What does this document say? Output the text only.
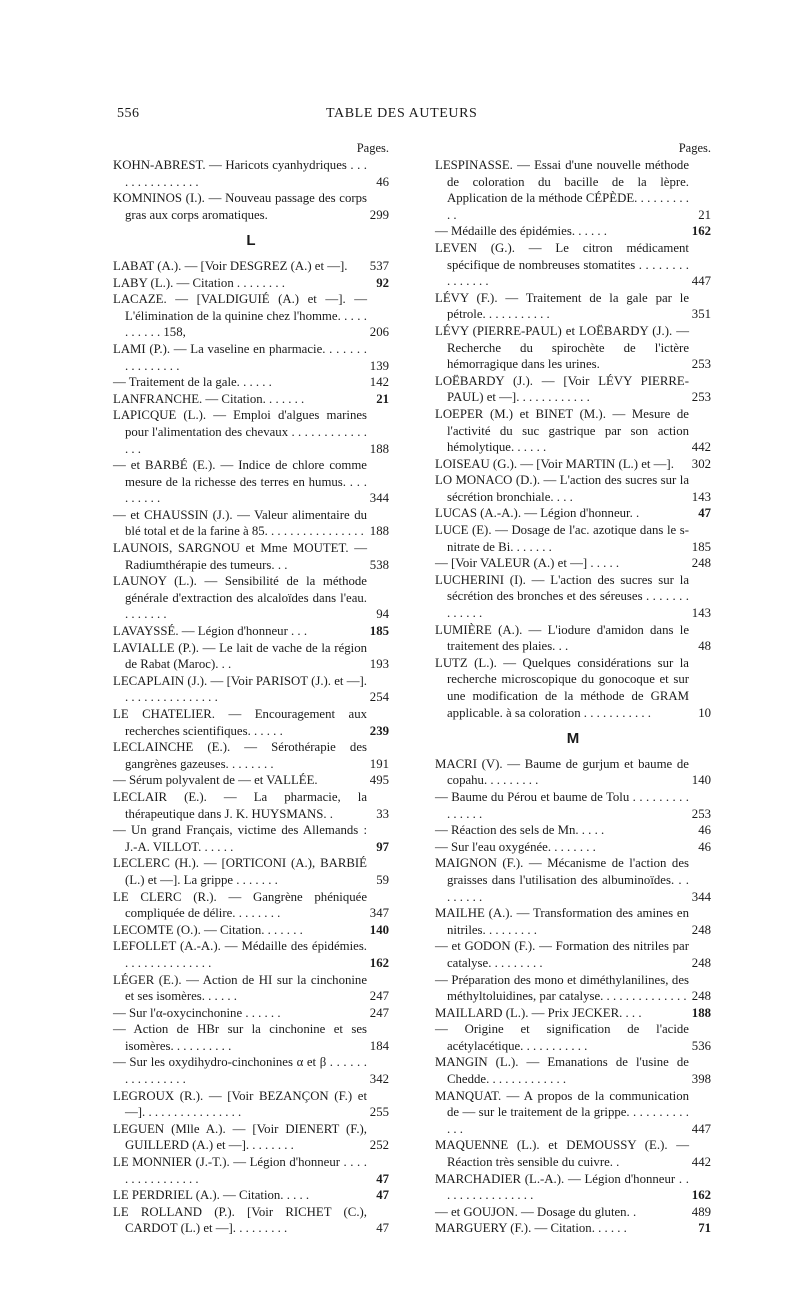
556	TABLE DES AUTEURS
Pages.
KOHN-ABREST. — Haricots cyanhydriques . . . . . . . . . . . . . . .	46
KOMNINOS (I.). — Nouveau passage des corps gras aux corps aromatiques.	299
L
LABAT (A.). — [Voir DESGREZ (A.) et —].	537
LABY (L.). — Citation . . . . . . . .	92
LACAZE. — [VALDIGUIÉ (A.) et —]. — L'élimination de la quinine chez l'homme. . . . . . . . . . . 158,	206
LAMI (P.). — La vaseline en pharmacie. . . . . . . . . . . . . . . .	139
— Traitement de la gale. . . . . .	142
LANFRANCHE. — Citation. . . . . . .	21
LAPICQUE (L.). — Emploi d'algues marines pour l'alimentation des chevaux . . . . . . . . . . . . . . .	188
— et BARBÉ (E.). — Indice de chlore comme mesure de la richesse des terres en humus. . . . . . . . . .	344
— et CHAUSSIN (J.). — Valeur alimentaire du blé total et de la farine à 85. . . . . . . . . . . . . . . . 188
LAUNOIS, SARGNOU et Mme MOUTET. — Radiumthérapie des tumeurs. . .	538
LAUNOY (L.). — Sensibilité de la méthode générale d'extraction des alcaloïdes dans l'eau. . . . . . . .	94
LAVAYSSÉ. — Légion d'honneur . . .	185
LAVIALLE (P.). — Le lait de vache de la région de Rabat (Maroc). . .	193
LECAPLAIN (J.). — [Voir PARISOT (J.). et —]. . . . . . . . . . . . . . . .	254
LE CHATELIER. — Encouragement aux recherches scientifiques. . . . . .	239
LECLAINCHE (E.). — Sérothérapie des gangrènes gazeuses. . . . . . . .	191
— Sérum polyvalent de — et VALLÉE.	495
LECLAIR (E.). — La pharmacie, la thérapeutique dans J. K. HUYSMANS. .	33
— Un grand Français, victime des Allemands : J.-A. VILLOT. . . . . .	97
LECLERC (H.). — [ORTICONI (A.), BARBIÉ (L.) et —]. La grippe . . . . . . .	59
LE CLERC (R.). — Gangrène phéniquée compliquée de délire. . . . . . . .	347
LECOMTE (O.). — Citation. . . . . . .	140
LEFOLLET (A.-A.). — Médaille des épidémies. . . . . . . . . . . . . . .	162
LÉGER (E.). — Action de HI sur la cinchonine et ses isomères. . . . . .	247
— Sur l'α-oxycinchonine . . . . . .	247
— Action de HBr sur la cinchonine et ses isomères. . . . . . . . . .	184
— Sur les oxydihydro-cinchonines α et β . . . . . . . . . . . . . . . .	342
LEGROUX (R.). — [Voir BEZANÇON (F.) et —]. . . . . . . . . . . . . . . .	255
LEGUEN (Mlle A.). — [Voir DIENERT (F.), GUILLERD (A.) et —]. . . . . . . .	252
LE MONNIER (J.-T.). — Légion d'honneur . . . . . . . . . . . . . . . .	47
LE PERDRIEL (A.). — Citation. . . . .	47
LE ROLLAND (P.). [Voir RICHET (C.), CARDOT (L.) et —]. . . . . . . . .	47
Pages.
LESPINASSE. — Essai d'une nouvelle méthode de coloration du bacille de la lèpre. Application de la méthode CÉPÈDE. . . . . . . . . . .	21
— Médaille des épidémies. . . . . .	162
LEVEN (G.). — Le citron médicament spécifique de nombreuses stomatites . . . . . . . . . . . . . . .	447
LÉVY (F.). — Traitement de la gale par le pétrole. . . . . . . . . . .	351
LÉVY (PIERRE-PAUL) et LOËBARDY (J.). — Recherche du spirochète de l'ictère hémorragique dans les urines.	253
LOËBARDY (J.). — [Voir LÉVY PIERRE-PAUL) et —]. . . . . . . . . . . .	253
LOEPER (M.) et BINET (M.). — Mesure de l'activité du suc gastrique par son action hémolytique. . . . . .	442
LOISEAU (G.). — [Voir MARTIN (L.) et —].	302
LO MONACO (D.). — L'action des sucres sur la sécrétion bronchiale. . . .	143
LUCAS (A.-A.). — Légion d'honneur. .	47
LUCE (E). — Dosage de l'ac. azotique dans le s-nitrate de Bi. . . . . . .	185
— [Voir VALEUR (A.) et —] . . . . .	248
LUCHERINI (I). — L'action des sucres sur la sécrétion des bronches et des séreuses . . . . . . . . . . . . .	143
LUMIÈRE (A.). — L'iodure d'amidon dans le traitement des plaies. . .	48
LUTZ (L.). — Quelques considérations sur la recherche microscopique du gonocoque et sur une modification de la méthode de GRAM applicable. à sa coloration . . . . . . . . . . .	10
M
MACRI (V). — Baume de gurjum et baume de copahu. . . . . . . . .	140
— Baume du Pérou et baume de Tolu . . . . . . . . . . . . . . .	253
— Réaction des sels de Mn. . . . .	46
— Sur l'eau oxygénée. . . . . . . .	46
MAIGNON (F.). — Mécanisme de l'action des graisses dans l'utilisation des albuminoïdes. . . . . . . . .	344
MAILHE (A.). — Transformation des amines en nitriles. . . . . . . . .	248
— et GODON (F.). — Formation des nitriles par catalyse. . . . . . . . .	248
— Préparation des mono et diméthylanilines, des méthyltoluidines, par catalyse. . . . . . . . . . . . . . 248
MAILLARD (L.). — Prix JECKER. . . .	188
— Origine et signification de l'acide acétylacétique. . . . . . . . . . .	536
MANGIN (L.). — Emanations de l'usine de Chedde. . . . . . . . . . . . .	398
MANQUAT. — A propos de la communication de — sur le traitement de la grippe. . . . . . . . . . . . .	447
MAQUENNE (L.). et DEMOUSSY (E.). — Réaction très sensible du cuivre. .	442
MARCHADIER (L.-A.). — Légion d'honneur . . . . . . . . . . . . . . . .	162
— et GOUJON. — Dosage du gluten. .	489
MARGUERY (F.). — Citation. . . . . .	71
